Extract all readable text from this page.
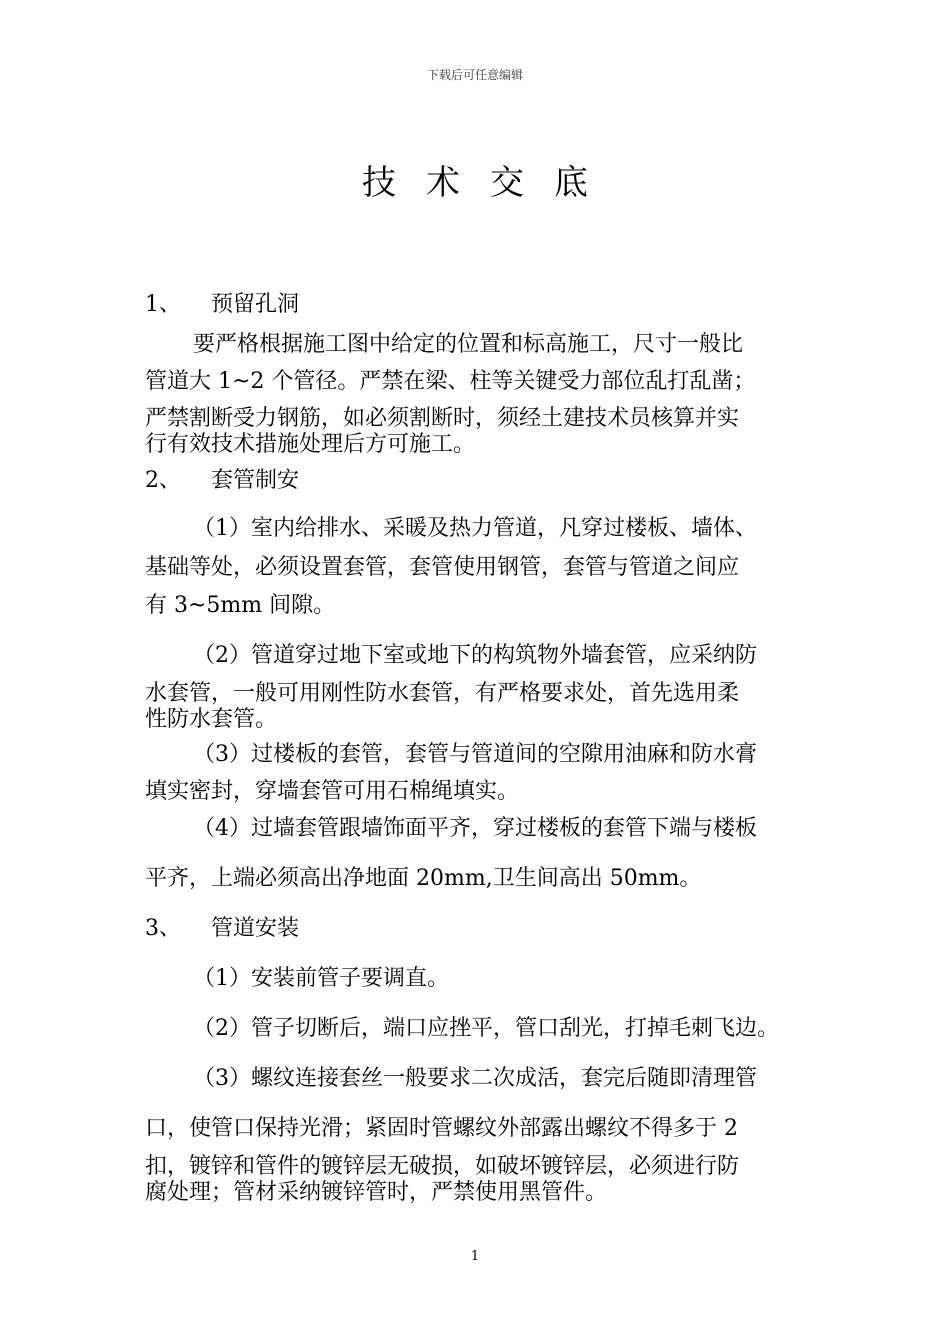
下载后可任意编辑
技术交底
1、 预留孔洞
要严格根据施工图中给定的位置和标高施工，尺寸一般比
管道大 1~2 个管径。严禁在梁、柱等关键受力部位乱打乱凿；
严禁割断受力钢筋，如必须割断时，须经土建技术员核算并实
行有效技术措施处理后方可施工。
2、 套管制安
（1）室内给排水、采暖及热力管道，凡穿过楼板、墙体、
基础等处，必须设置套管，套管使用钢管，套管与管道之间应
有 3~5mm 间隙。
（2）管道穿过地下室或地下的构筑物外墙套管，应采纳防
水套管，一般可用刚性防水套管，有严格要求处，首先选用柔
性防水套管。
（3）过楼板的套管，套管与管道间的空隙用油麻和防水膏
填实密封，穿墙套管可用石棉绳填实。
（4）过墙套管跟墙饰面平齐，穿过楼板的套管下端与楼板
平齐，上端必须高出净地面 20mm,卫生间高出 50mm。
3、 管道安装
（1）安装前管子要调直。
（2）管子切断后，端口应挫平，管口刮光，打掉毛刺飞边。
（3）螺纹连接套丝一般要求二次成活，套完后随即清理管
口，使管口保持光滑；紧固时管螺纹外部露出螺纹不得多于 2
扣，镀锌和管件的镀锌层无破损，如破坏镀锌层，必须进行防
腐处理；管材采纳镀锌管时，严禁使用黑管件。
1
